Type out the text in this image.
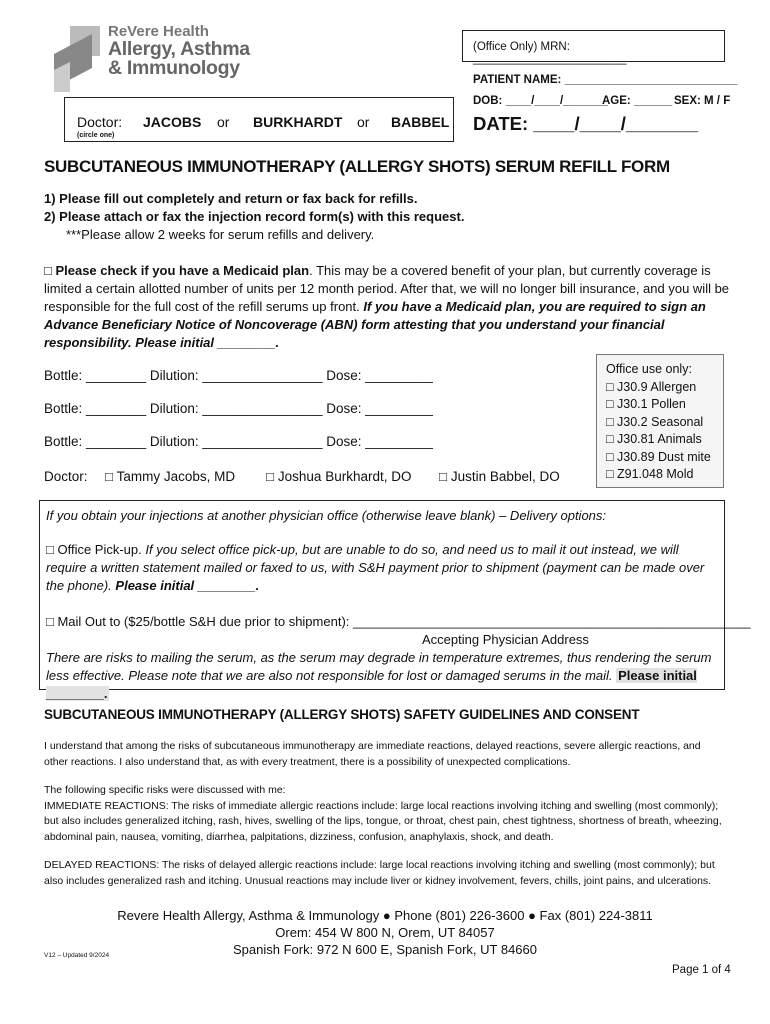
ReVere Health
Allergy, Asthma
& Immunology
(Office Only) MRN: ________________________
PATIENT NAME: ___________________________
DOB: ____/____/_______
AGE: ______ SEX: M / F
DATE: ____/____/_______
Doctor: JACOBS or BURKHARDT or BABBEL
(circle one)
SUBCUTANEOUS IMMUNOTHERAPY (ALLERGY SHOTS) SERUM REFILL FORM
1) Please fill out completely and return or fax back for refills.
2) Please attach or fax the injection record form(s) with this request.
***Please allow 2 weeks for serum refills and delivery.
□ Please check if you have a Medicaid plan. This may be a covered benefit of your plan, but currently coverage is limited a certain allotted number of units per 12 month period. After that, we will no longer bill insurance, and you will be responsible for the full cost of the refill serums up front. If you have a Medicaid plan, you are required to sign an Advance Beneficiary Notice of Noncoverage (ABN) form attesting that you understand your financial responsibility. Please initial ________.
Bottle: ________ Dilution: ________________ Dose: _________
Bottle: ________ Dilution: ________________ Dose: _________
Bottle: ________ Dilution: ________________ Dose: _________
Office use only:
□ J30.9 Allergen
□ J30.1 Pollen
□ J30.2 Seasonal
□ J30.81 Animals
□ J30.89 Dust mite
□ Z91.048 Mold
Doctor: □ Tammy Jacobs, MD □ Joshua Burkhardt, DO □ Justin Babbel, DO
If you obtain your injections at another physician office (otherwise leave blank) – Delivery options:
□ Office Pick-up. If you select office pick-up, but are unable to do so, and need us to mail it out instead, we will require a written statement mailed or faxed to us, with S&H payment prior to shipment (payment can be made over the phone). Please initial ________.
□ Mail Out to ($25/bottle S&H due prior to shipment): _______________________________________________________
Accepting Physician Address
There are risks to mailing the serum, as the serum may degrade in temperature extremes, thus rendering the serum less effective. Please note that we are also not responsible for lost or damaged serums in the mail. Please initial ________.
SUBCUTANEOUS IMMUNOTHERAPY (ALLERGY SHOTS) SAFETY GUIDELINES AND CONSENT
I understand that among the risks of subcutaneous immunotherapy are immediate reactions, delayed reactions, severe allergic reactions, and other reactions. I also understand that, as with every treatment, there is a possibility of unexpected complications.
The following specific risks were discussed with me:
IMMEDIATE REACTIONS: The risks of immediate allergic reactions include: large local reactions involving itching and swelling (most commonly); but also includes generalized itching, rash, hives, swelling of the lips, tongue, or throat, chest pain, chest tightness, shortness of breath, wheezing, abdominal pain, nausea, vomiting, diarrhea, palpitations, dizziness, confusion, anaphylaxis, shock, and death.
DELAYED REACTIONS: The risks of delayed allergic reactions include: large local reactions involving itching and swelling (most commonly); but also includes generalized rash and itching. Unusual reactions may include liver or kidney involvement, fevers, chills, joint pains, and ulcerations.
Revere Health Allergy, Asthma & Immunology ● Phone (801) 226-3600 ● Fax (801) 224-3811
Orem: 454 W 800 N, Orem, UT 84057
Spanish Fork: 972 N 600 E, Spanish Fork, UT 84660
V12 – Updated 9/2024
Page 1 of 4
